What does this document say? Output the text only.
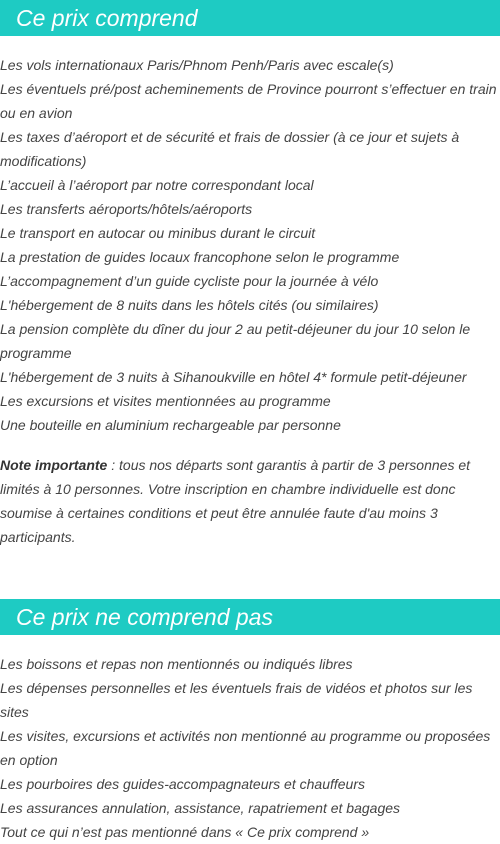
Ce prix comprend
Les vols internationaux Paris/Phnom Penh/Paris avec escale(s)
Les éventuels pré/post acheminements de Province pourront s’effectuer en train ou en avion
Les taxes d’aéroport et de sécurité et frais de dossier (à ce jour et sujets à modifications)
L’accueil à l’aéroport par notre correspondant local
Les transferts aéroports/hôtels/aéroports
Le transport en autocar ou minibus durant le circuit
La prestation de guides locaux francophone selon le programme
L’accompagnement d’un guide cycliste pour la journée à vélo
L'hébergement de 8 nuits dans les hôtels cités (ou similaires)
La pension complète du dîner du jour 2 au petit-déjeuner du jour 10 selon le programme
L'hébergement de 3 nuits à Sihanoukville en hôtel 4* formule petit-déjeuner
Les excursions et visites mentionnées au programme
Une bouteille en aluminium rechargeable par personne

Note importante : tous nos départs sont garantis à partir de 3 personnes et limités à 10 personnes. Votre inscription en chambre individuelle est donc soumise à certaines conditions et peut être annulée faute d'au moins 3 participants.

Ce prix ne comprend pas
Les boissons et repas non mentionnés ou indiqués libres
Les dépenses personnelles et les éventuels frais de vidéos et photos sur les sites
Les visites, excursions et activités non mentionné au programme ou proposées en option
Les pourboires des guides-accompagnateurs et chauffeurs
Les assurances annulation, assistance, rapatriement et bagages
Tout ce qui n’est pas mentionné dans « Ce prix comprend »
